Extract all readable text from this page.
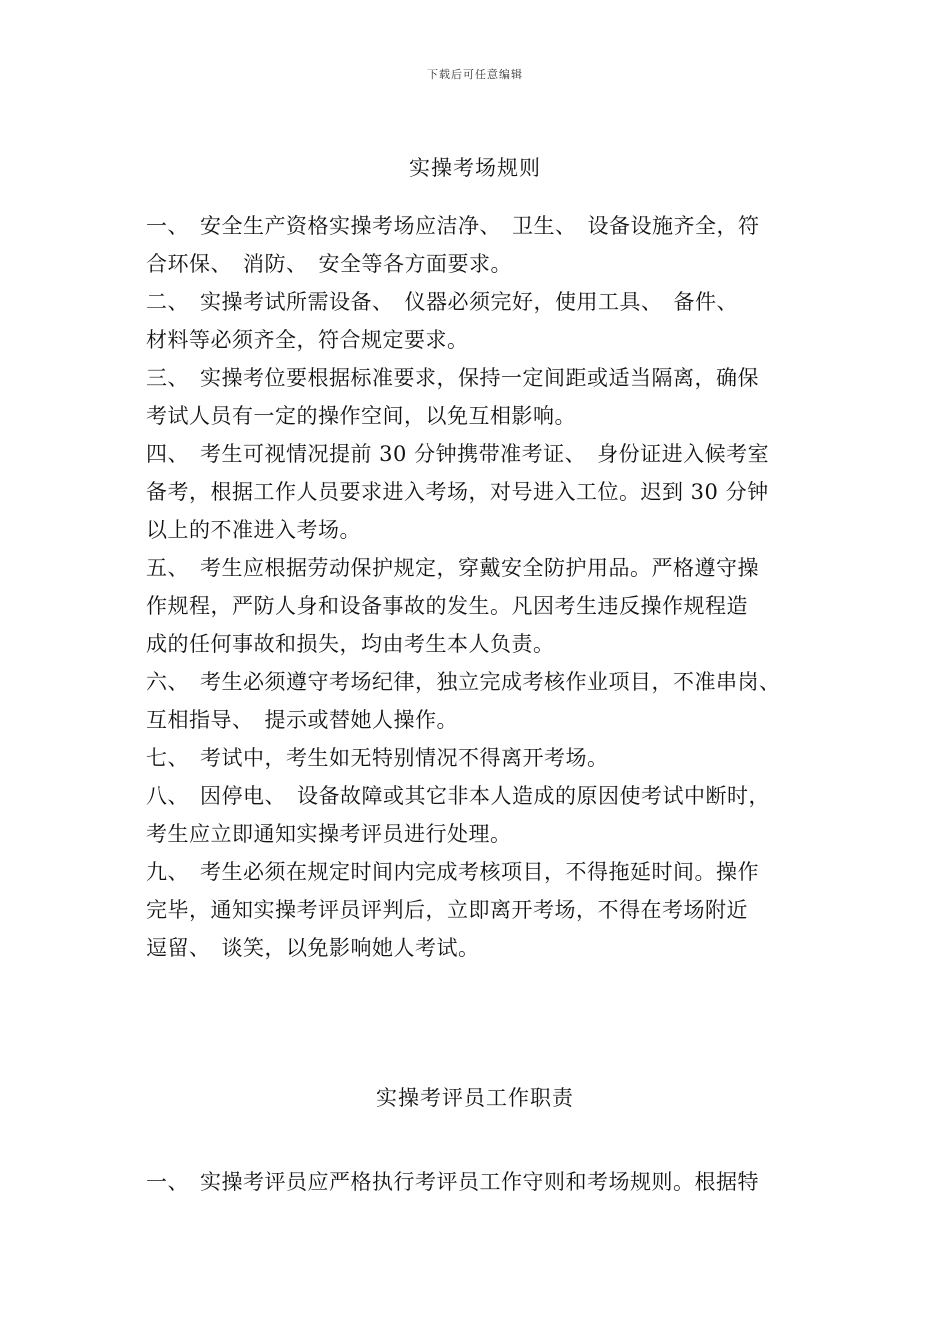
下载后可任意编辑
实操考场规则
一、　安全生产资格实操考场应洁净、　卫生、　设备设施齐全，符
合环保、　消防、　安全等各方面要求。
二、　实操考试所需设备、　仪器必须完好，使用工具、　备件、
材料等必须齐全，符合规定要求。
三、　实操考位要根据标准要求，保持一定间距或适当隔离，确保
考试人员有一定的操作空间，以免互相影响。
四、　考生可视情况提前 30 分钟携带准考证、　身份证进入候考室
备考，根据工作人员要求进入考场，对号进入工位。迟到 30 分钟
以上的不准进入考场。
五、　考生应根据劳动保护规定，穿戴安全防护用品。严格遵守操
作规程，严防人身和设备事故的发生。凡因考生违反操作规程造
成的任何事故和损失，均由考生本人负责。
六、　考生必须遵守考场纪律，独立完成考核作业项目，不准串岗、
互相指导、　提示或替她人操作。
七、　考试中，考生如无特别情况不得离开考场。
八、　因停电、　设备故障或其它非本人造成的原因使考试中断时，
考生应立即通知实操考评员进行处理。
九、　考生必须在规定时间内完成考核项目，不得拖延时间。操作
完毕，通知实操考评员评判后，立即离开考场，不得在考场附近
逗留、　谈笑，以免影响她人考试。
实操考评员工作职责
一、　实操考评员应严格执行考评员工作守则和考场规则。根据特
